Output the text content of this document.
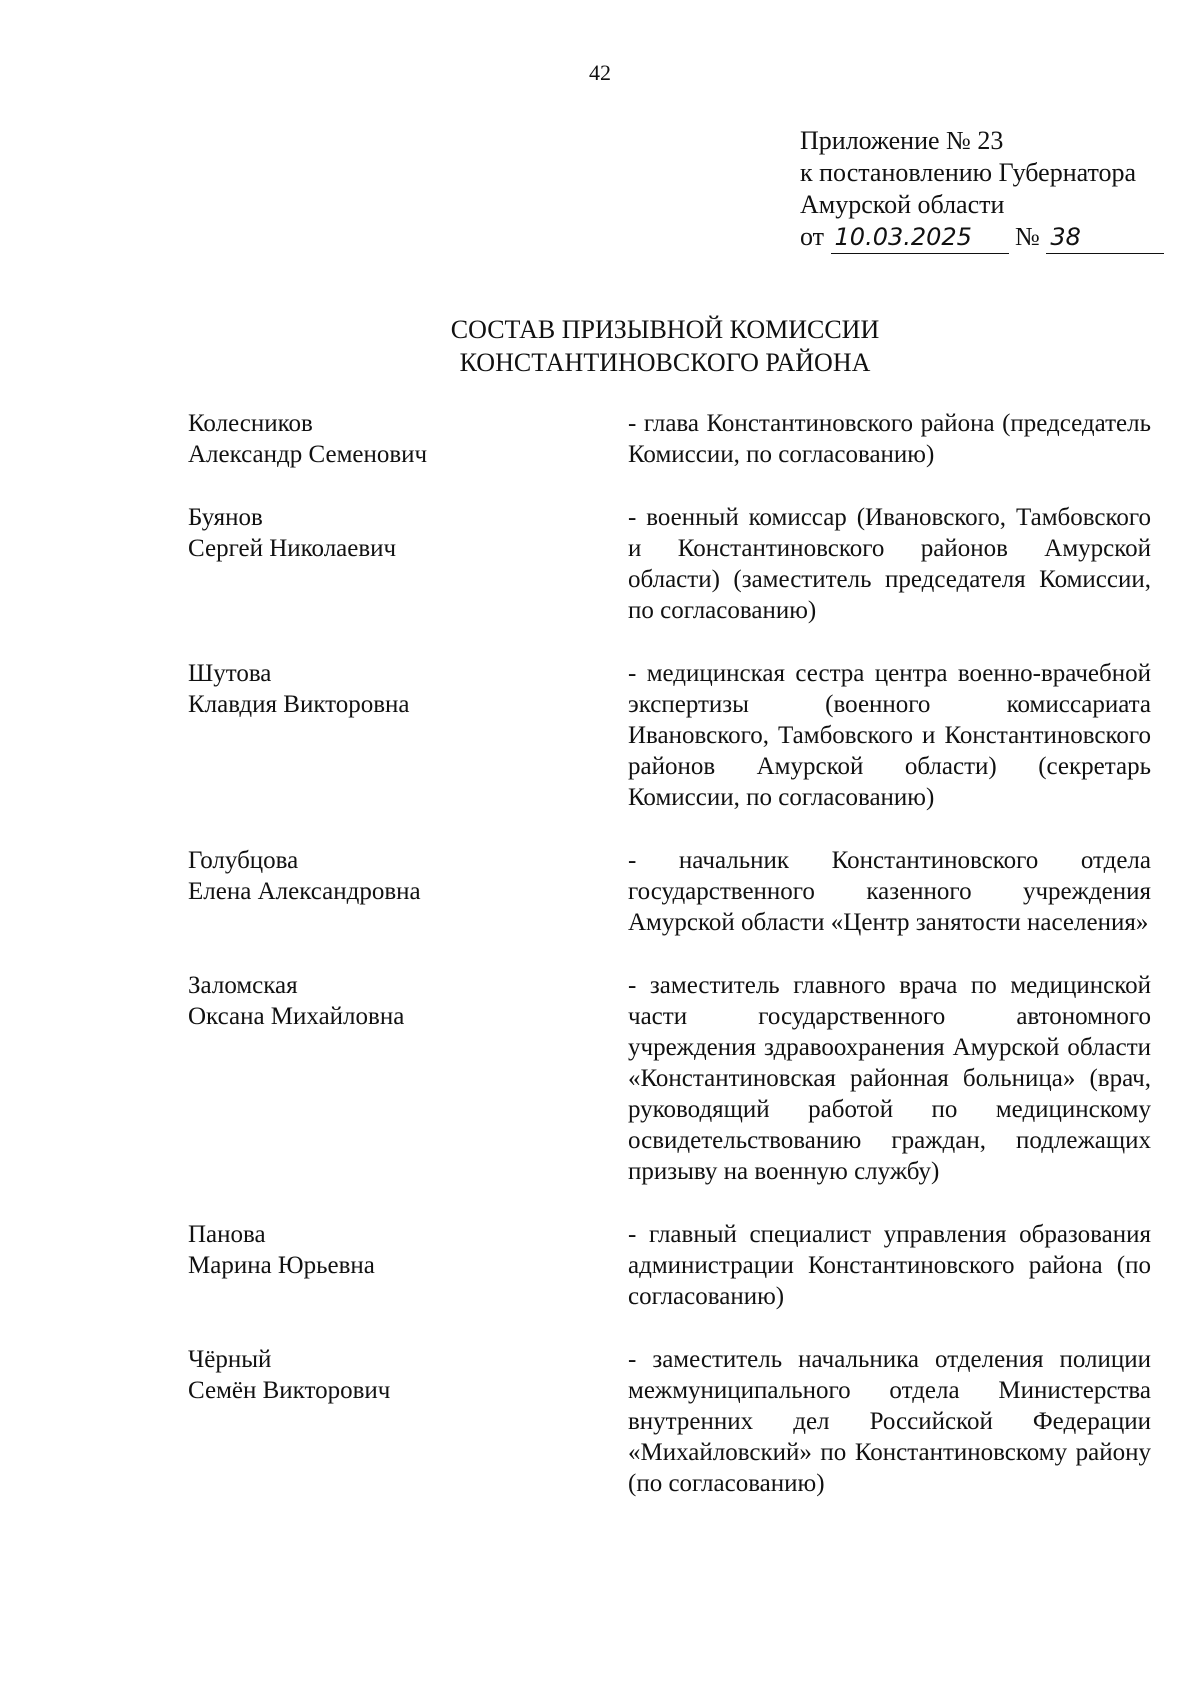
42
Приложение № 23
к постановлению Губернатора
Амурской области
от 10.03.2025 № 38
СОСТАВ ПРИЗЫВНОЙ КОМИССИИ
КОНСТАНТИНОВСКОГО РАЙОНА
Колесников
Александр Семенович
- глава Константиновского района (председатель Комиссии, по согласованию)
Буянов
Сергей Николаевич
- военный комиссар (Ивановского, Тамбовского и Константиновского районов Амурской области) (заместитель председателя Комиссии, по согласованию)
Шутова
Клавдия Викторовна
- медицинская сестра центра военно-врачебной экспертизы (военного комиссариата Ивановского, Тамбовского и Константиновского районов Амурской области) (секретарь Комиссии, по согласованию)
Голубцова
Елена Александровна
- начальник Константиновского отдела государственного казенного учреждения Амурской области «Центр занятости населения»
Заломская
Оксана Михайловна
- заместитель главного врача по медицинской части государственного автономного учреждения здравоохранения Амурской области «Константиновская районная больница» (врач, руководящий работой по медицинскому освидетельствованию граждан, подлежащих призыву на военную службу)
Панова
Марина Юрьевна
- главный специалист управления образования администрации Константиновского района (по согласованию)
Чёрный
Семён Викторович
- заместитель начальника отделения полиции межмуниципального отдела Министерства внутренних дел Российской Федерации «Михайловский» по Константиновскому району (по согласованию)
